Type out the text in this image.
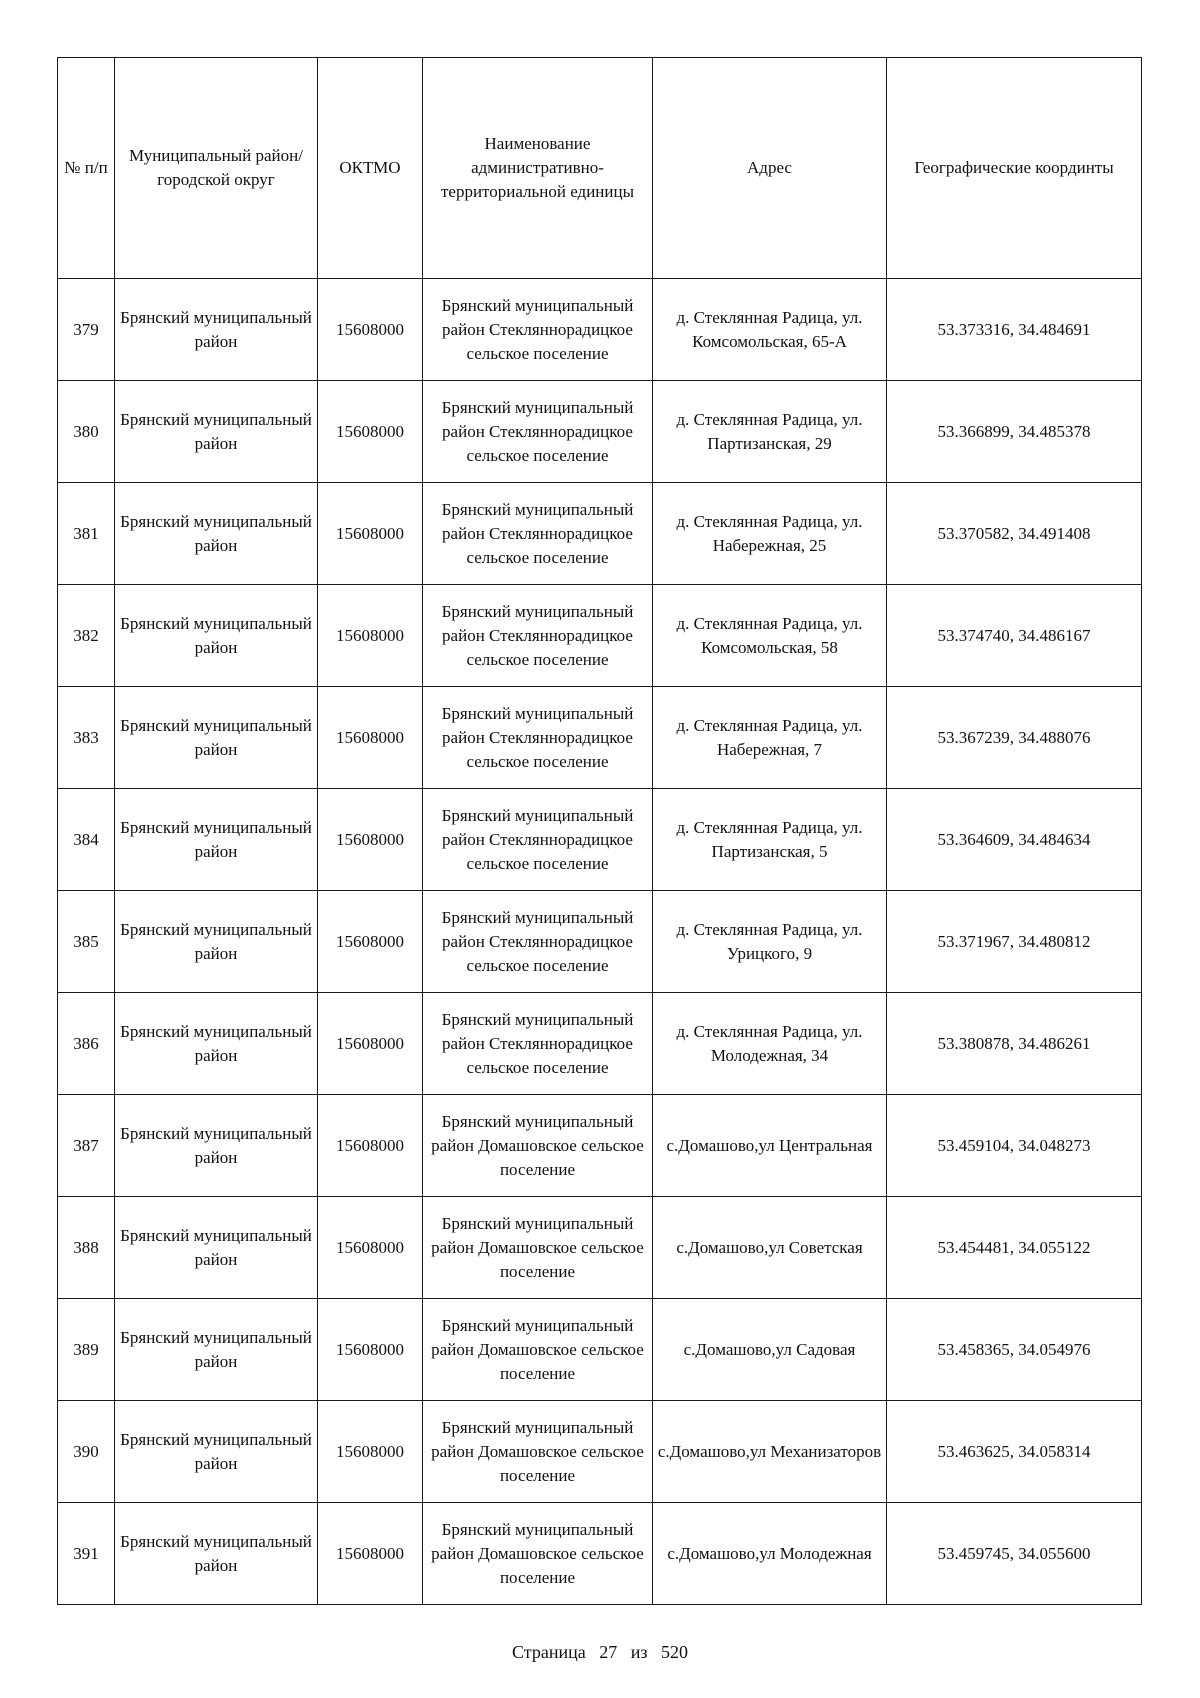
№ п/п	Муниципальный район/городской округ	ОКТМО	Наименование административно-территориальной единицы	Адрес	Географические координты
379	Брянский муниципальный район	15608000	Брянский муниципальный район Стекляннорадицкое сельское поселение	д. Стеклянная Радица, ул. Комсомольская, 65-А	53.373316, 34.484691
380	Брянский муниципальный район	15608000	Брянский муниципальный район Стекляннорадицкое сельское поселение	д. Стеклянная Радица, ул. Партизанская, 29	53.366899, 34.485378
381	Брянский муниципальный район	15608000	Брянский муниципальный район Стекляннорадицкое сельское поселение	д. Стеклянная Радица, ул. Набережная, 25	53.370582, 34.491408
382	Брянский муниципальный район	15608000	Брянский муниципальный район Стекляннорадицкое сельское поселение	д. Стеклянная Радица, ул. Комсомольская, 58	53.374740, 34.486167
383	Брянский муниципальный район	15608000	Брянский муниципальный район Стекляннорадицкое сельское поселение	д. Стеклянная Радица, ул. Набережная, 7	53.367239, 34.488076
384	Брянский муниципальный район	15608000	Брянский муниципальный район Стекляннорадицкое сельское поселение	д. Стеклянная Радица, ул. Партизанская, 5	53.364609, 34.484634
385	Брянский муниципальный район	15608000	Брянский муниципальный район Стекляннорадицкое сельское поселение	д. Стеклянная Радица, ул. Урицкого, 9	53.371967, 34.480812
386	Брянский муниципальный район	15608000	Брянский муниципальный район Стекляннорадицкое сельское поселение	д. Стеклянная Радица, ул. Молодежная, 34	53.380878, 34.486261
387	Брянский муниципальный район	15608000	Брянский муниципальный район Домашовское сельское поселение	с.Домашово,ул Центральная	53.459104, 34.048273
388	Брянский муниципальный район	15608000	Брянский муниципальный район Домашовское сельское поселение	с.Домашово,ул Советская	53.454481, 34.055122
389	Брянский муниципальный район	15608000	Брянский муниципальный район Домашовское сельское поселение	с.Домашово,ул Садовая	53.458365, 34.054976
390	Брянский муниципальный район	15608000	Брянский муниципальный район Домашовское сельское поселение	с.Домашово,ул Механизаторов	53.463625, 34.058314
391	Брянский муниципальный район	15608000	Брянский муниципальный район Домашовское сельское поселение	с.Домашово,ул Молодежная	53.459745, 34.055600
Страница 27 из 520
